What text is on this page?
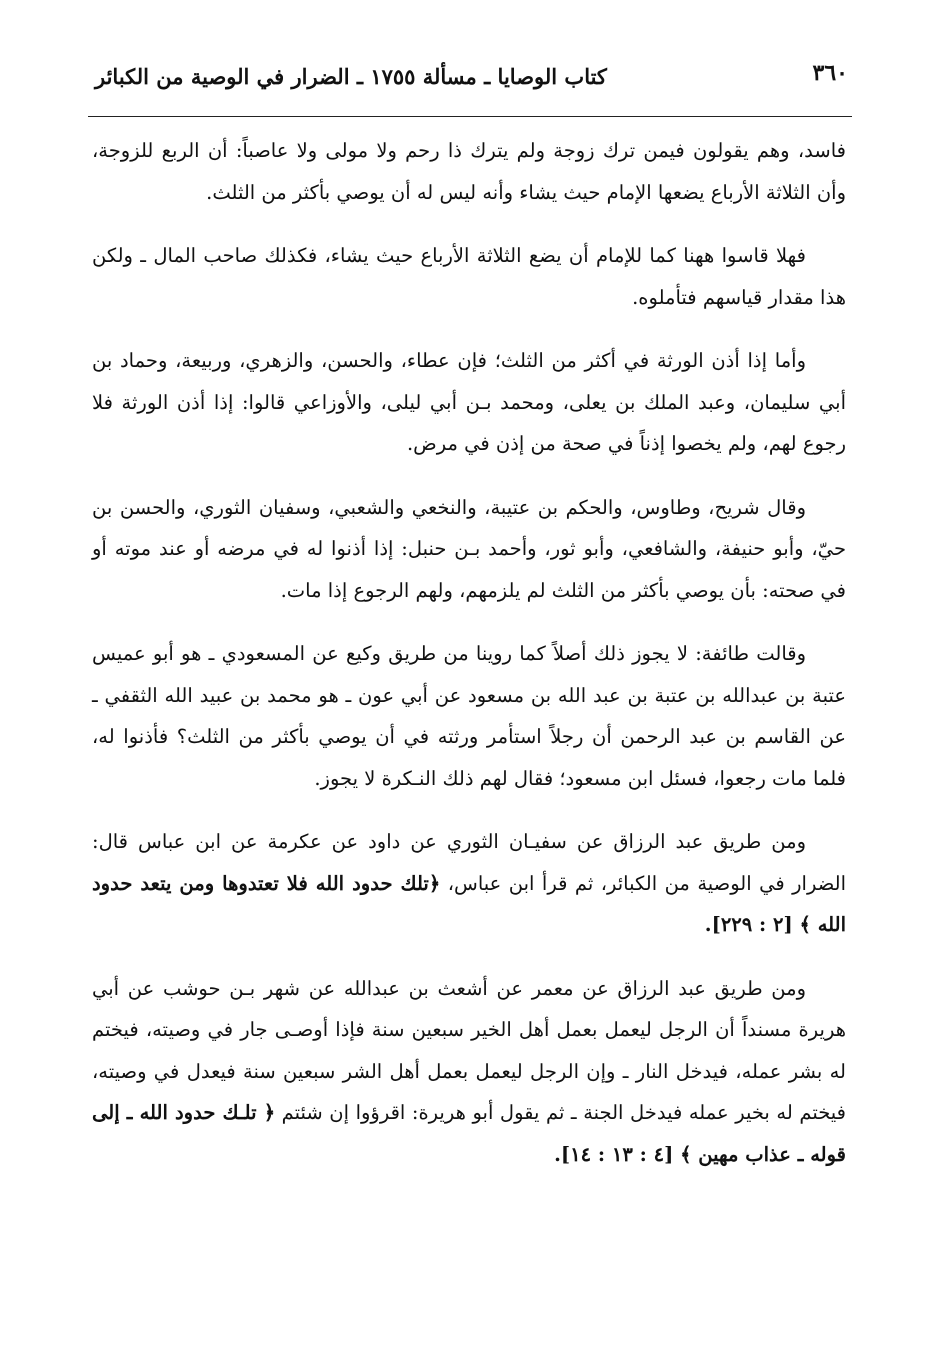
٣٦٠
كتاب الوصايا ـ مسألة ١٧٥٥ ـ الضرار في الوصية من الكبائر

فاسد، وهم يقولون فيمن ترك زوجة ولم يترك ذا رحم ولا مولى ولا عاصباً: أن الربع للزوجة، وأن الثلاثة الأرباع يضعها الإمام حيث يشاء وأنه ليس له أن يوصي بأكثر من الثلث.

فهلا قاسوا ههنا كما للإمام أن يضع الثلاثة الأرباع حيث يشاء، فكذلك صاحب المال ـ ولكن هذا مقدار قياسهم فتأملوه.

وأما إذا أذن الورثة في أكثر من الثلث؛ فإن عطاء، والحسن، والزهري، وربيعة، وحماد بن أبي سليمان، وعبد الملك بن يعلى، ومحمد بـن أبي ليلى، والأوزاعي قالوا: إذا أذن الورثة فلا رجوع لهم، ولم يخصوا إذناً في صحة من إذن في مرض.

وقال شريح، وطاوس، والحكم بن عتيبة، والنخعي والشعبي، وسفيان الثوري، والحسن بن حيّ، وأبو حنيفة، والشافعي، وأبو ثور، وأحمد بـن حنبل: إذا أذنوا له في مرضه أو عند موته أو في صحته: بأن يوصي بأكثر من الثلث لم يلزمهم، ولهم الرجوع إذا مات.

وقالت طائفة: لا يجوز ذلك أصلاً كما روينا من طريق وكيع عن المسعودي ـ هو أبو عميس عتبة بن عبدالله بن عتبة بن عبد الله بن مسعود عن أبي عون ـ هو محمد بن عبيد الله الثقفي ـ عن القاسم بن عبد الرحمن أن رجلاً استأمر ورثته في أن يوصي بأكثر من الثلث؟ فأذنوا له، فلما مات رجعوا، فسئل ابن مسعود؛ فقال لهم ذلك النـكرة لا يجوز.

ومن طريق عبد الرزاق عن سفيـان الثوري عن داود عن عكرمة عن ابن عباس قال: الضرار في الوصية من الكبائر، ثم قرأ ابن عباس، ﴿تلك حدود الله فلا تعتدوها ومن يتعد حدود الله ﴾ [٢ : ٢٢٩].

ومن طريق عبد الرزاق عن معمر عن أشعث بن عبدالله عن شهر بـن حوشب عن أبي هريرة مسنداً أن الرجل ليعمل بعمل أهل الخير سبعين سنة فإذا أوصـى جار في وصيته، فيختم له بشر عمله، فيدخل النار ـ وإن الرجل ليعمل بعمل أهل الشر سبعين سنة فيعدل في وصيته، فيختم له بخير عمله فيدخل الجنة ـ ثم يقول أبو هريرة: اقرؤوا إن شئتم ﴿ تلـك حدود الله ـ إلى قوله ـ عذاب مهين ﴾ [٤ : ١٣ : ١٤].
